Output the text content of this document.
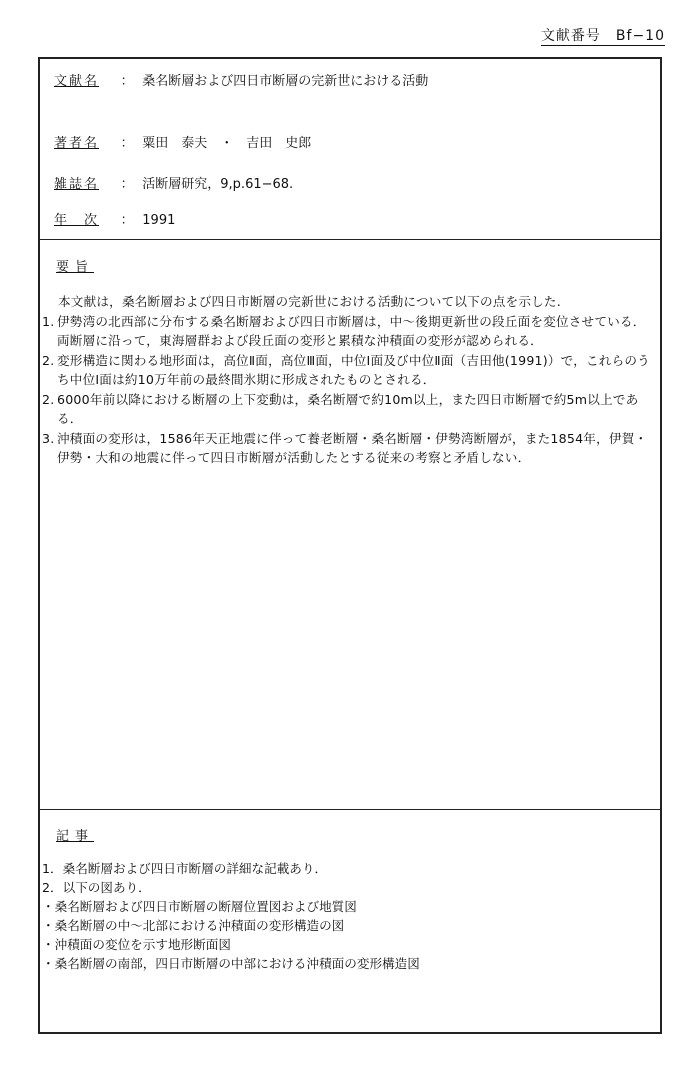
文献番号　Bf−10
文献名 ： 桑名断層および四日市断層の完新世における活動
著者名 ： 粟田　泰夫　・　吉田　史郎
雑誌名 ： 活断層研究，9,p.61−68.
年　次 ： 1991
要旨

本文献は，桑名断層および四日市断層の完新世における活動について以下の点を示した.

1. 伊勢湾の北西部に分布する桑名断層および四日市断層は，中〜後期更新世の段丘面を変位させている．両断層に沿って，東海層群および段丘面の変形と累積な沖積面の変形が認められる．
2. 変形構造に関わる地形面は，高位Ⅱ面，高位Ⅲ面，中位Ⅰ面及び中位Ⅱ面（吉田他(1991)）で，これらのうち中位Ⅰ面は約10万年前の最終間氷期に形成されたものとされる．
2. 6000年前以降における断層の上下変動は，桑名断層で約10m以上，また四日市断層で約5m以上である．
3. 沖積面の変形は，1586年天正地震に伴って養老断層・桑名断層・伊勢湾断層が，また1854年，伊賀・伊勢・大和の地震に伴って四日市断層が活動したとする従来の考察と矛盾しない．
記事
1．桑名断層および四日市断層の詳細な記載あり．
2．以下の図あり．
・桑名断層および四日市断層の断層位置図および地質図
・桑名断層の中〜北部における沖積面の変形構造の図
・沖積面の変位を示す地形断面図
・桑名断層の南部，四日市断層の中部における沖積面の変形構造図
